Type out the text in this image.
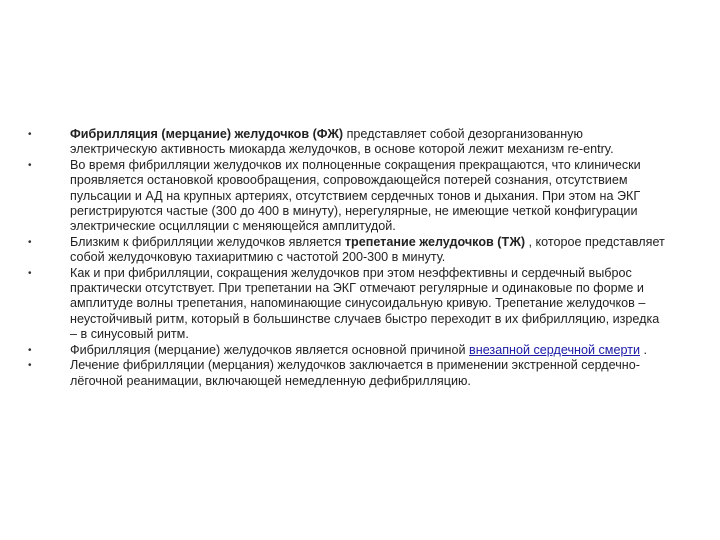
•	Фибрилляция (мерцание) желудочков (ФЖ) представляет собой дезорганизованную электрическую активность миокарда желудочков, в основе которой лежит механизм re-entry.
•	Во время фибрилляции желудочков их полноценные сокращения прекращаются, что клинически проявляется остановкой кровообращения, сопровождающейся потерей сознания, отсутствием пульсации и АД на крупных артериях, отсутствием сердечных тонов и дыхания. При этом на ЭКГ регистрируются частые (300 до 400 в минуту), нерегулярные, не имеющие четкой конфигурации электрические осцилляции с меняющейся амплитудой.
•	Близким к фибрилляции желудочков является трепетание желудочков (ТЖ) , которое представляет собой желудочковую тахиаритмию с частотой 200-300 в минуту.
•	Как и при фибрилляции, сокращения желудочков при этом неэффективны и сердечный выброс практически отсутствует. При трепетании на ЭКГ отмечают регулярные и одинаковые по форме и амплитуде волны трепетания, напоминающие синусоидальную кривую. Трепетание желудочков – неустойчивый ритм, который в большинстве случаев быстро переходит в их фибрилляцию, изредка – в синусовый ритм.
•	Фибрилляция (мерцание) желудочков является основной причиной внезапной сердечной смерти .
•	Лечение фибрилляции (мерцания) желудочков заключается в применении экстренной сердечно-лёгочной реанимации, включающей немедленную дефибрилляцию.
